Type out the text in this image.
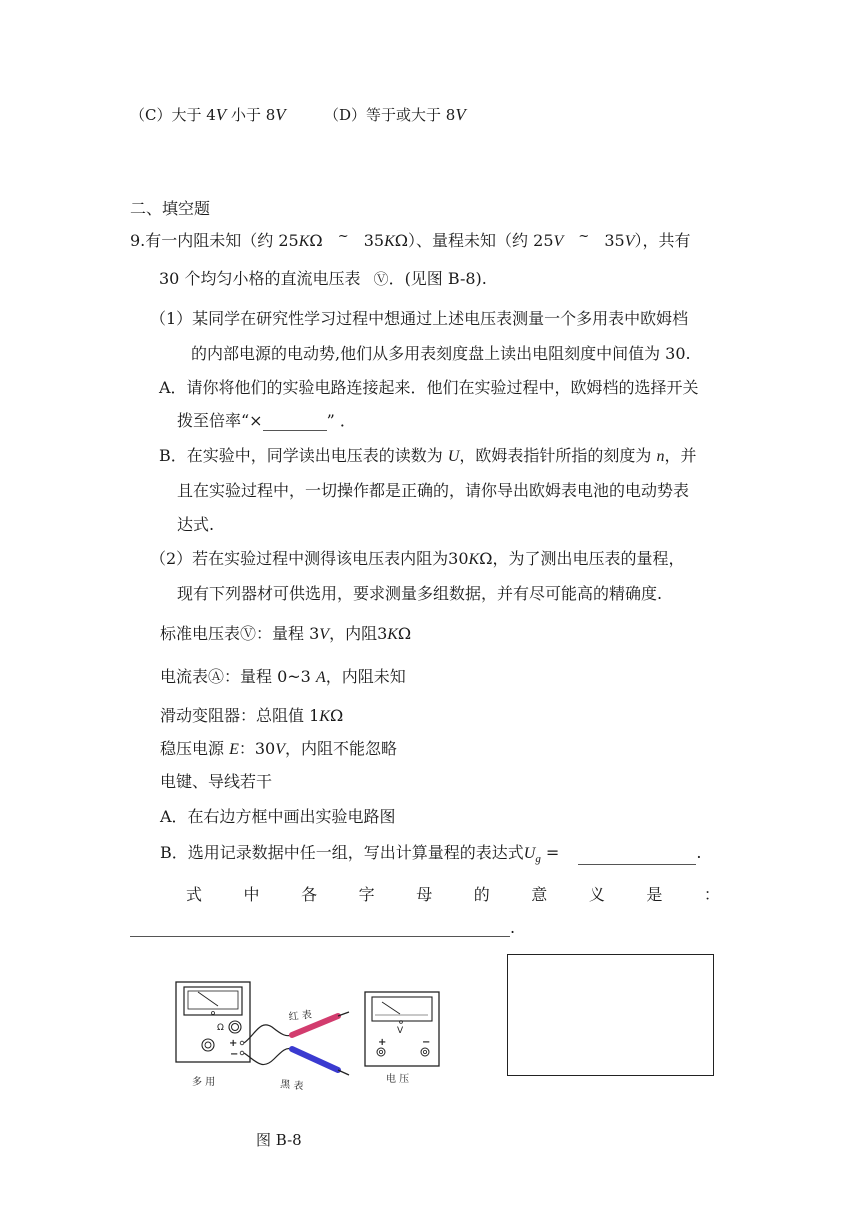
（C）大于 4V 小于 8V	（D）等于或大于 8V
二、填空题
9.有一内阻未知（约 25KΩ ~ 35KΩ）、量程未知（约 25V ~ 35V），共有
30 个均匀小格的直流电压表 Ⓥ．(见图 B-8).
（1）某同学在研究性学习过程中想通过上述电压表测量一个多用表中欧姆档
的内部电源的电动势,他们从多用表刻度盘上读出电阻刻度中间值为 30.
A．请你将他们的实验电路连接起来．他们在实验过程中，欧姆档的选择开关
拨至倍率“×	” ．
B．在实验中，同学读出电压表的读数为 U，欧姆表指针所指的刻度为 n，并
且在实验过程中，一切操作都是正确的，请你导出欧姆表电池的电动势表
达式.
（2）若在实验过程中测得该电压表内阻为30KΩ，为了测出电压表的量程，
现有下列器材可供选用，要求测量多组数据，并有尽可能高的精确度.
标准电压表Ⓥ：量程 3V，内阻3KΩ
电流表Ⓐ：量程 0~3 A，内阻未知
滑动变阻器：总阻值 1KΩ
稳压电源 E：30V，内阻不能忽略
电键、导线若干
A．在右边方框中画出实验电路图
B．选用记录数据中任一组，写出计算量程的表达式$U_g$ =	.
式	中	各	字	母	的	意	义	是	：
.
Ω
+
−
红 表
黑 表
V
+	−
多 用	电 压
图 B-8
